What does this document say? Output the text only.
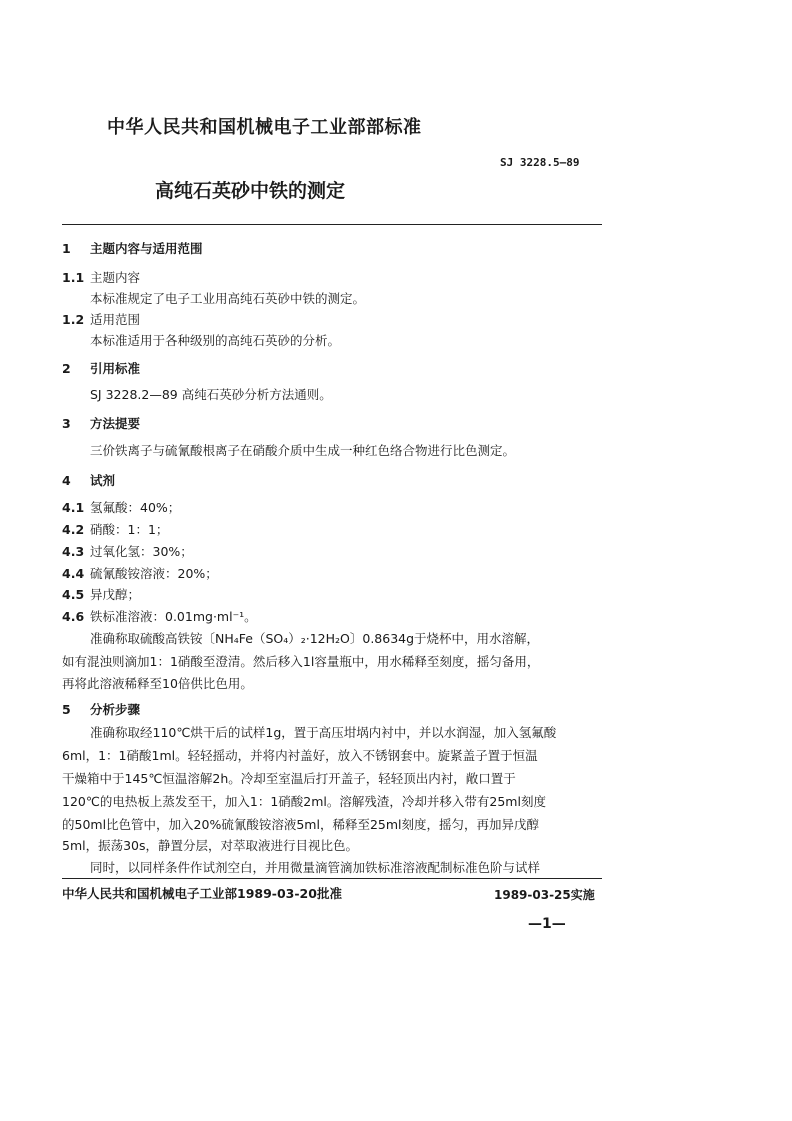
中华人民共和国机械电子工业部部标准
SJ 3228.5—89
高纯石英砂中铁的测定
1 主题内容与适用范围
1.1 主题内容
本标准规定了电子工业用高纯石英砂中铁的测定。
1.2 适用范围
本标准适用于各种级别的高纯石英砂的分析。
2 引用标准
SJ 3228.2—89 高纯石英砂分析方法通则。
3 方法提要
三价铁离子与硫氰酸根离子在硝酸介质中生成一种红色络合物进行比色测定。
4 试剂
4.1 氢氟酸：40%；
4.2 硝酸：1：1；
4.3 过氧化氢：30%；
4.4 硫氰酸铵溶液：20%；
4.5 异戊醇；
4.6 铁标准溶液：0.01mg·ml⁻¹。
准确称取硫酸高铁铵〔NH₄Fe（SO₄）₂·12H₂O〕0.8634g于烧杯中，用水溶解，
如有混浊则滴加1：1硝酸至澄清。然后移入1l容量瓶中，用水稀释至刻度，摇匀备用，
再将此溶液稀释至10倍供比色用。
5 分析步骤
准确称取经110℃烘干后的试样1g，置于高压坩埚内衬中，并以水润湿，加入氢氟酸
6ml，1：1硝酸1ml。轻轻摇动，并将内衬盖好，放入不锈钢套中。旋紧盖子置于恒温
干燥箱中于145℃恒温溶解2h。冷却至室温后打开盖子，轻轻顶出内衬，敞口置于
120℃的电热板上蒸发至干，加入1：1硝酸2ml。溶解残渣，冷却并移入带有25ml刻度
的50ml比色管中，加入20%硫氰酸铵溶液5ml，稀释至25ml刻度，摇匀，再加异戊醇
5ml，振荡30s，静置分层，对萃取液进行目视比色。
同时，以同样条件作试剂空白，并用微量滴管滴加铁标准溶液配制标准色阶与试样
中华人民共和国机械电子工业部1989-03-20批准	1989-03-25实施
—1—
